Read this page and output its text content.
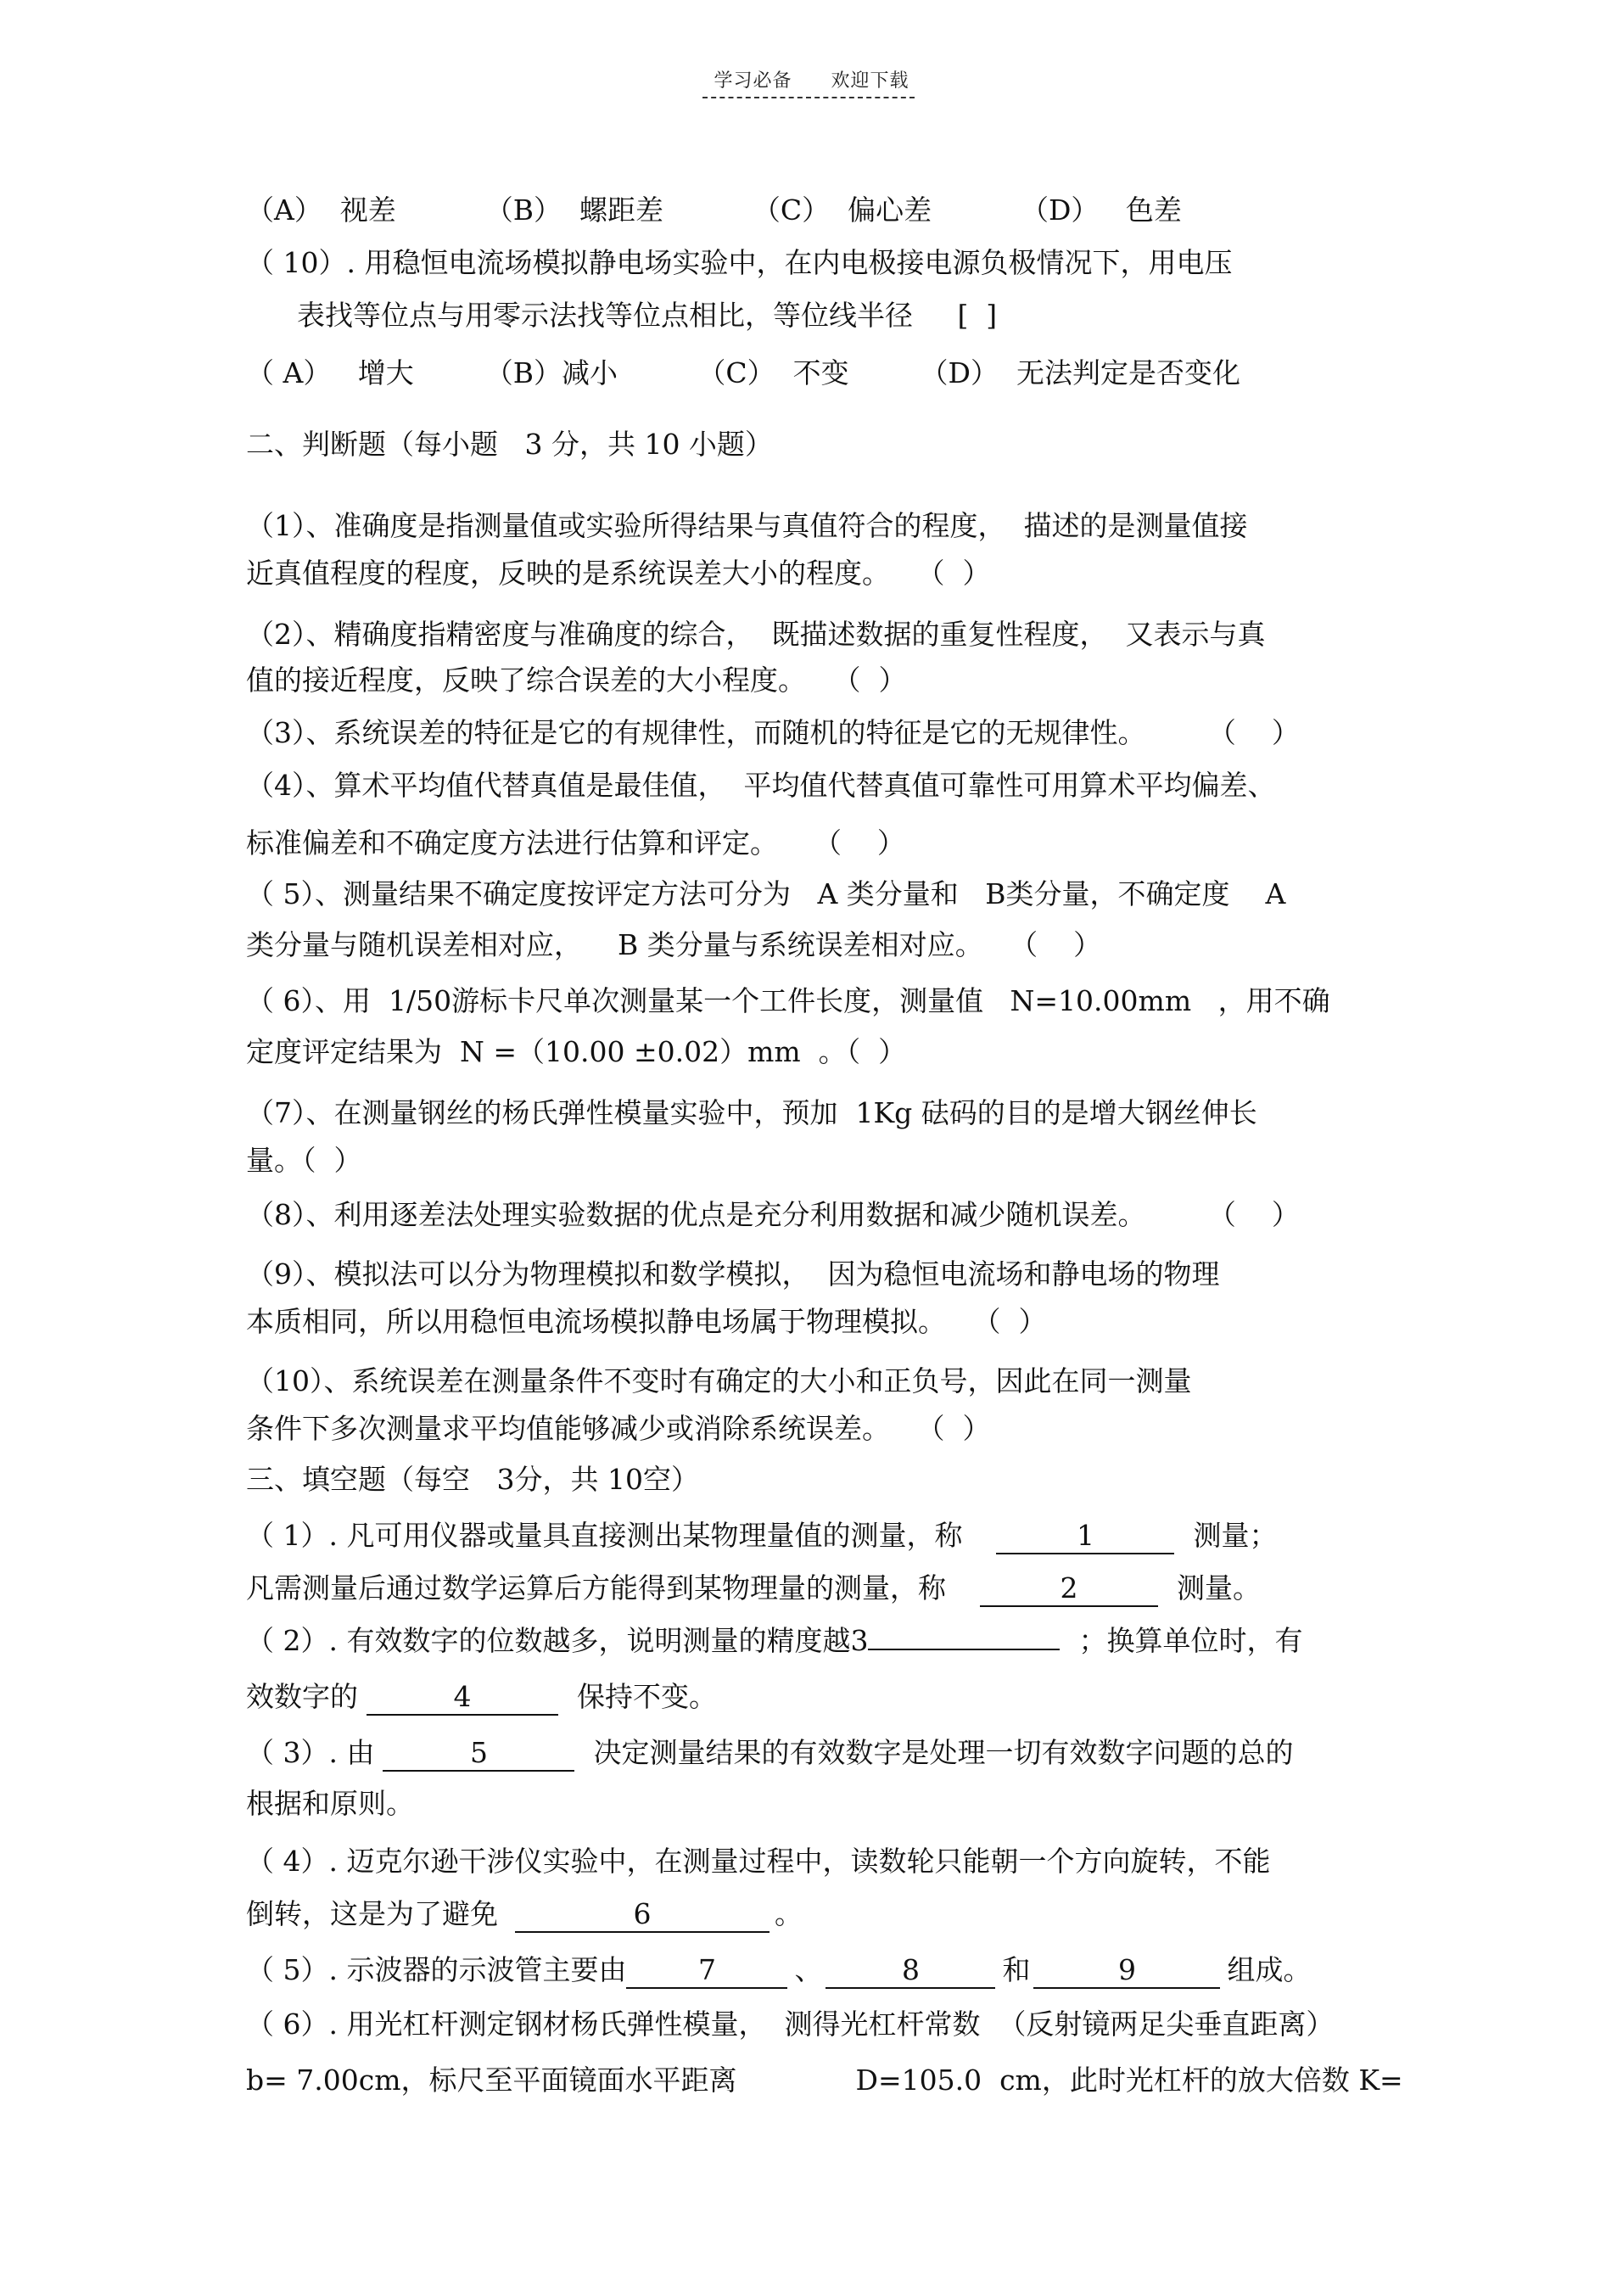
学习必备 欢迎下载
（A）  视差          （B）  螺距差          （C）  偏心差          （D）   色差
（ 10）. 用稳恒电流场模拟静电场实验中，在内电极接电源负极情况下，用电压
表找等位点与用零示法找等位点相比，等位线半径     [  ]
（ A）   增大        （B）减小         （C）  不变        （D）  无法判定是否变化
二、判断题（每小题   3 分，共 10 小题）
（1）、准确度是指测量值或实验所得结果与真值符合的程度，  描述的是测量值接
近真值程度的程度，反映的是系统误差大小的程度。   （  ）
（2）、精确度指精密度与准确度的综合，  既描述数据的重复性程度，  又表示与真
值的接近程度，反映了综合误差的大小程度。   （  ）
（3）、系统误差的特征是它的有规律性，而随机的特征是它的无规律性。       （    ）
（4）、算术平均值代替真值是最佳值，  平均值代替真值可靠性可用算术平均偏差、
标准偏差和不确定度方法进行估算和评定。    （    ）
（ 5）、测量结果不确定度按评定方法可分为   A 类分量和   B类分量，不确定度    A
类分量与随机误差相对应，    B 类分量与系统误差相对应。   （    ）
（ 6）、用  1/50游标卡尺单次测量某一个工件长度，测量值   N=10.00mm   ，用不确
定度评定结果为  N =（10.00 ±0.02）mm  。（  ）
（7）、在测量钢丝的杨氏弹性模量实验中，预加  1Kg 砝码的目的是增大钢丝伸长
量。（  ）
（8）、利用逐差法处理实验数据的优点是充分利用数据和减少随机误差。       （    ）
（9）、模拟法可以分为物理模拟和数学模拟，  因为稳恒电流场和静电场的物理
本质相同，所以用稳恒电流场模拟静电场属于物理模拟。   （  ）
（10）、系统误差在测量条件不变时有确定的大小和正负号，因此在同一测量
条件下多次测量求平均值能够减少或消除系统误差。   （  ）
三、填空题（每空   3分，共 10空）
（ 1）. 凡可用仪器或量具直接测出某物理量值的测量，称	1	测量；
凡需测量后通过数学运算后方能得到某物理量的测量，称	2	测量。
（ 2）. 有效数字的位数越多，说明测量的精度越3	；换算单位时，有
效数字的	4	保持不变。
（ 3）. 由	5	决定测量结果的有效数字是处理一切有效数字问题的总的
根据和原则。
（ 4）. 迈克尔逊干涉仪实验中，在测量过程中，读数轮只能朝一个方向旋转，不能
倒转，这是为了避免	6	。
（ 5）. 示波器的示波管主要由	7	、	8	和	9	组成。
（ 6）. 用光杠杆测定钢材杨氏弹性模量，  测得光杠杆常数  （反射镜两足尖垂直距离）
b= 7.00cm，标尺至平面镜面水平距离	D=105.0  cm，此时光杠杆的放大倍数 K=
